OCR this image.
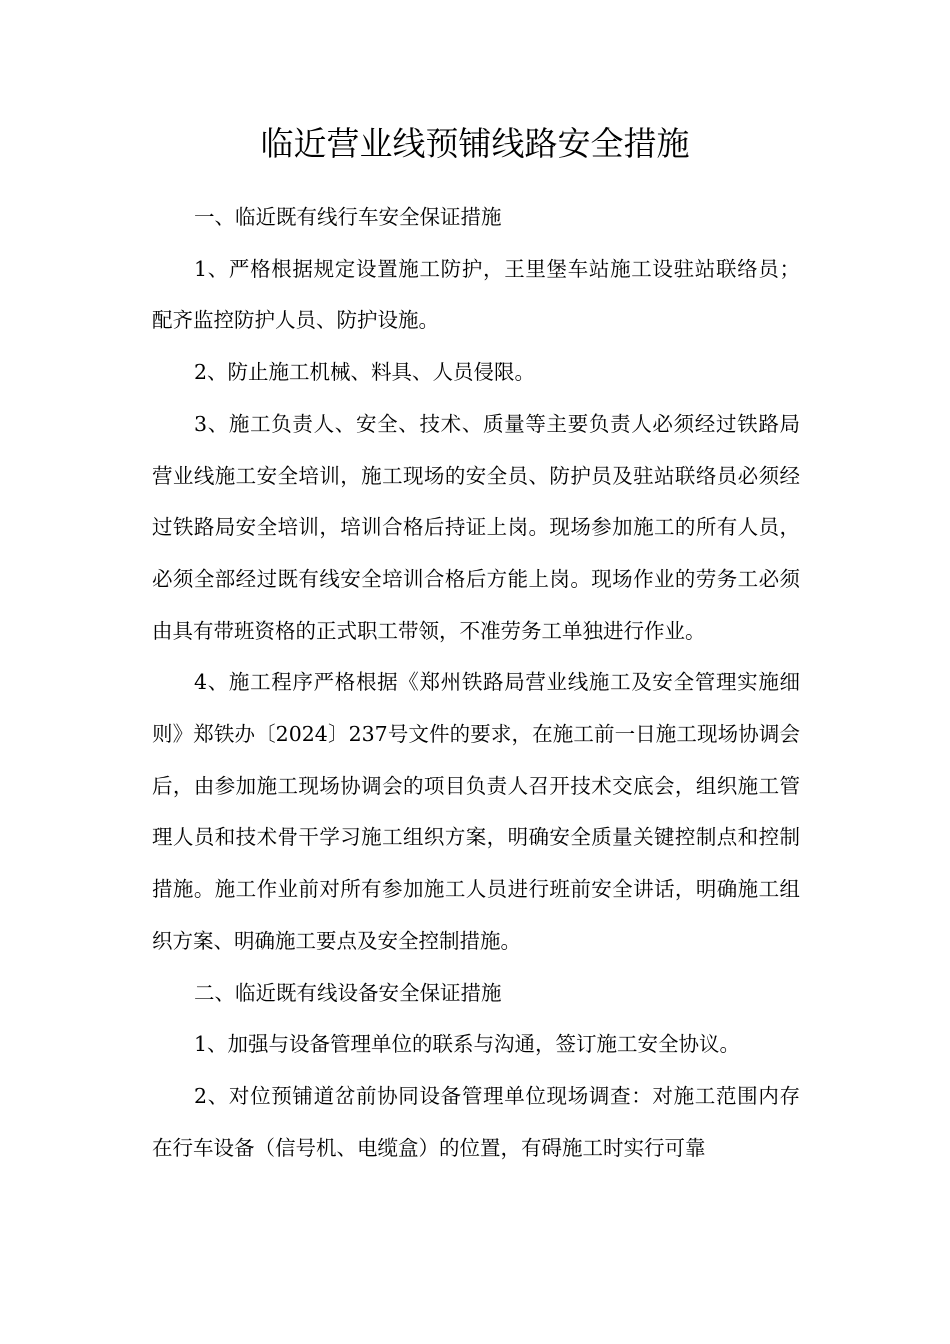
临近营业线预铺线路安全措施

一、临近既有线行车安全保证措施

1、严格根据规定设置施工防护，王里堡车站施工设驻站联络员；配齐监控防护人员、防护设施。

2、防止施工机械、料具、人员侵限。

3、施工负责人、安全、技术、质量等主要负责人必须经过铁路局营业线施工安全培训，施工现场的安全员、防护员及驻站联络员必须经过铁路局安全培训，培训合格后持证上岗。现场参加施工的所有人员，必须全部经过既有线安全培训合格后方能上岗。现场作业的劳务工必须由具有带班资格的正式职工带领，不准劳务工单独进行作业。

4、施工程序严格根据《郑州铁路局营业线施工及安全管理实施细则》郑铁办〔2024〕237号文件的要求，在施工前一日施工现场协调会后，由参加施工现场协调会的项目负责人召开技术交底会，组织施工管理人员和技术骨干学习施工组织方案，明确安全质量关键控制点和控制措施。施工作业前对所有参加施工人员进行班前安全讲话，明确施工组织方案、明确施工要点及安全控制措施。

二、临近既有线设备安全保证措施

1、加强与设备管理单位的联系与沟通，签订施工安全协议。

2、对位预铺道岔前协同设备管理单位现场调查：对施工范围内存在行车设备（信号机、电缆盒）的位置，有碍施工时实行可靠
